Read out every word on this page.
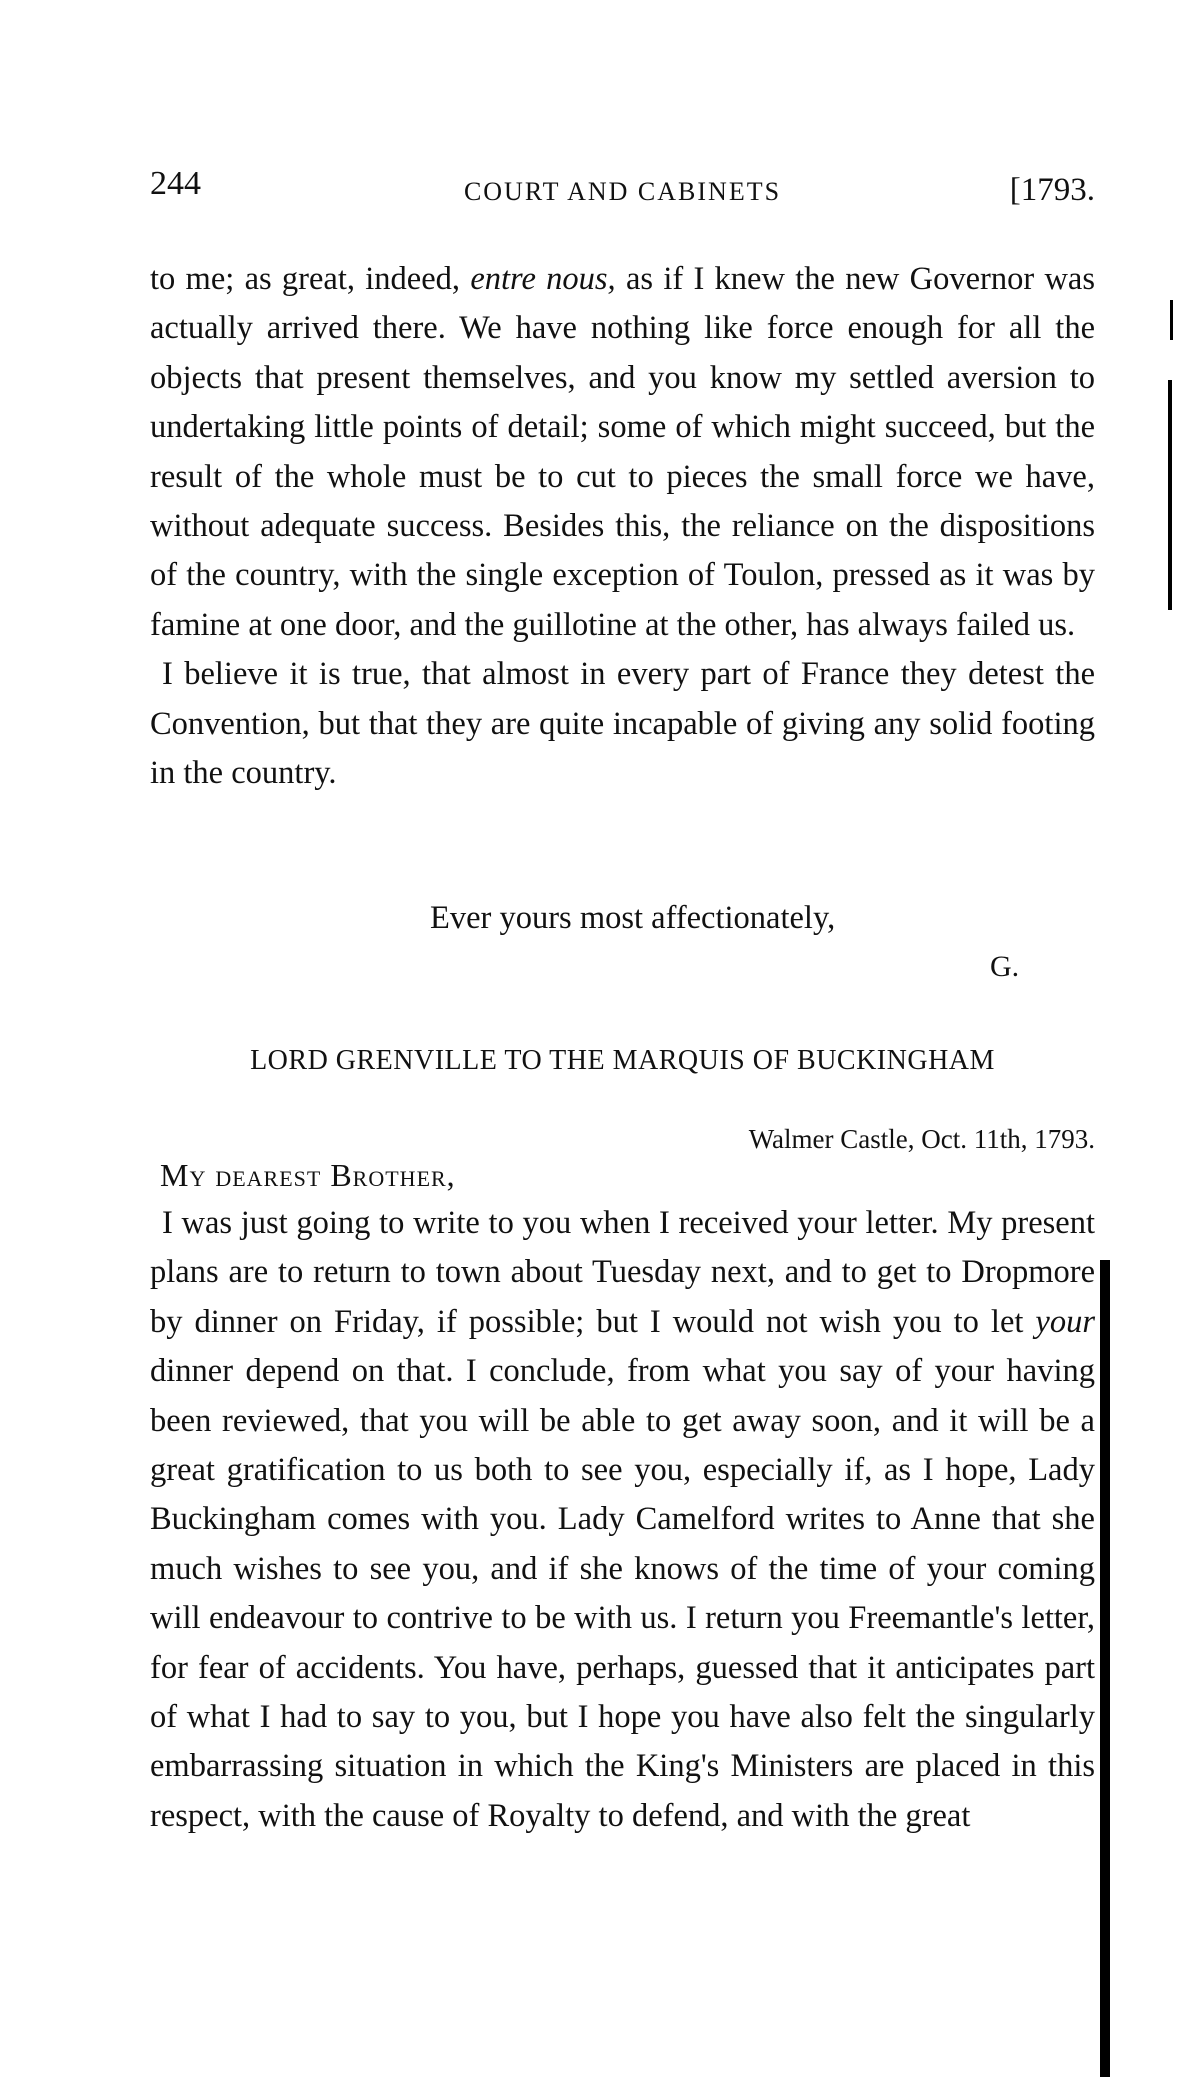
244	COURT AND CABINETS	[1793.

to me; as great, indeed, entre nous, as if I knew the new Governor was actually arrived there. We have nothing like force enough for all the objects that present themselves, and you know my settled aversion to undertaking little points of detail; some of which might succeed, but the result of the whole must be to cut to pieces the small force we have, without adequate success. Besides this, the reliance on the dispositions of the country, with the single exception of Toulon, pressed as it was by famine at one door, and the guillotine at the other, has always failed us.

I believe it is true, that almost in every part of France they detest the Convention, but that they are quite incapable of giving any solid footing in the country.

Ever yours most affectionately,
G.
LORD GRENVILLE TO THE MARQUIS OF BUCKINGHAM
Walmer Castle, Oct. 11th, 1793.
My dearest Brother,

I was just going to write to you when I received your letter. My present plans are to return to town about Tuesday next, and to get to Dropmore by dinner on Friday, if possible; but I would not wish you to let your dinner depend on that. I conclude, from what you say of your having been reviewed, that you will be able to get away soon, and it will be a great gratification to us both to see you, especially if, as I hope, Lady Buckingham comes with you. Lady Camelford writes to Anne that she much wishes to see you, and if she knows of the time of your coming will endeavour to contrive to be with us. I return you Freemantle's letter, for fear of accidents. You have, perhaps, guessed that it anticipates part of what I had to say to you, but I hope you have also felt the singularly embarrassing situation in which the King's Ministers are placed in this respect, with the cause of Royalty to defend, and with the great
